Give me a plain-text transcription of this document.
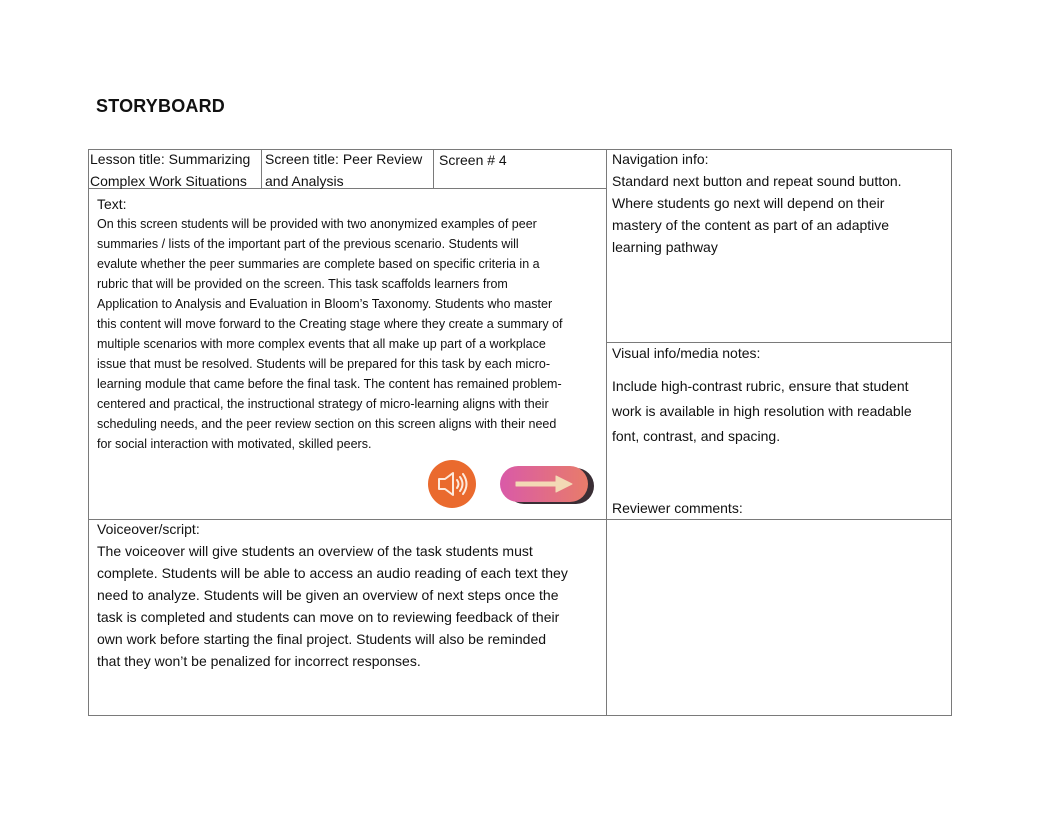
STORYBOARD
Lesson title: Summarizing
Complex Work Situations
Screen title: Peer Review
and Analysis
Screen # 4
Text:
On this screen students will be provided with two anonymized examples of peer
summaries / lists of the important part of the previous scenario. Students will
evalute whether the peer summaries are complete based on specific criteria in a
rubric that will be provided on the screen. This task scaffolds learners from
Application to Analysis and Evaluation in Bloom’s Taxonomy. Students who master
this content will move forward to the Creating stage where they create a summary of
multiple scenarios with more complex events that all make up part of a workplace
issue that must be resolved. Students will be prepared for this task by each micro-
learning module that came before the final task. The content has remained problem-
centered and practical, the instructional strategy of micro-learning aligns with their
scheduling needs, and the peer review section on this screen aligns with their need
for social interaction with motivated, skilled peers.
Voiceover/script:
The voiceover will give students an overview of the task students must
complete. Students will be able to access an audio reading of each text they
need to analyze. Students will be given an overview of next steps once the
task is completed and students can move on to reviewing feedback of their
own work before starting the final project. Students will also be reminded
that they won’t be penalized for incorrect responses.
Navigation info:
Standard next button and repeat sound button.
Where students go next will depend on their
mastery of the content as part of an adaptive
learning pathway
Visual info/media notes:
Include high-contrast rubric, ensure that student
work is available in high resolution with readable
font, contrast, and spacing.
Reviewer comments:
